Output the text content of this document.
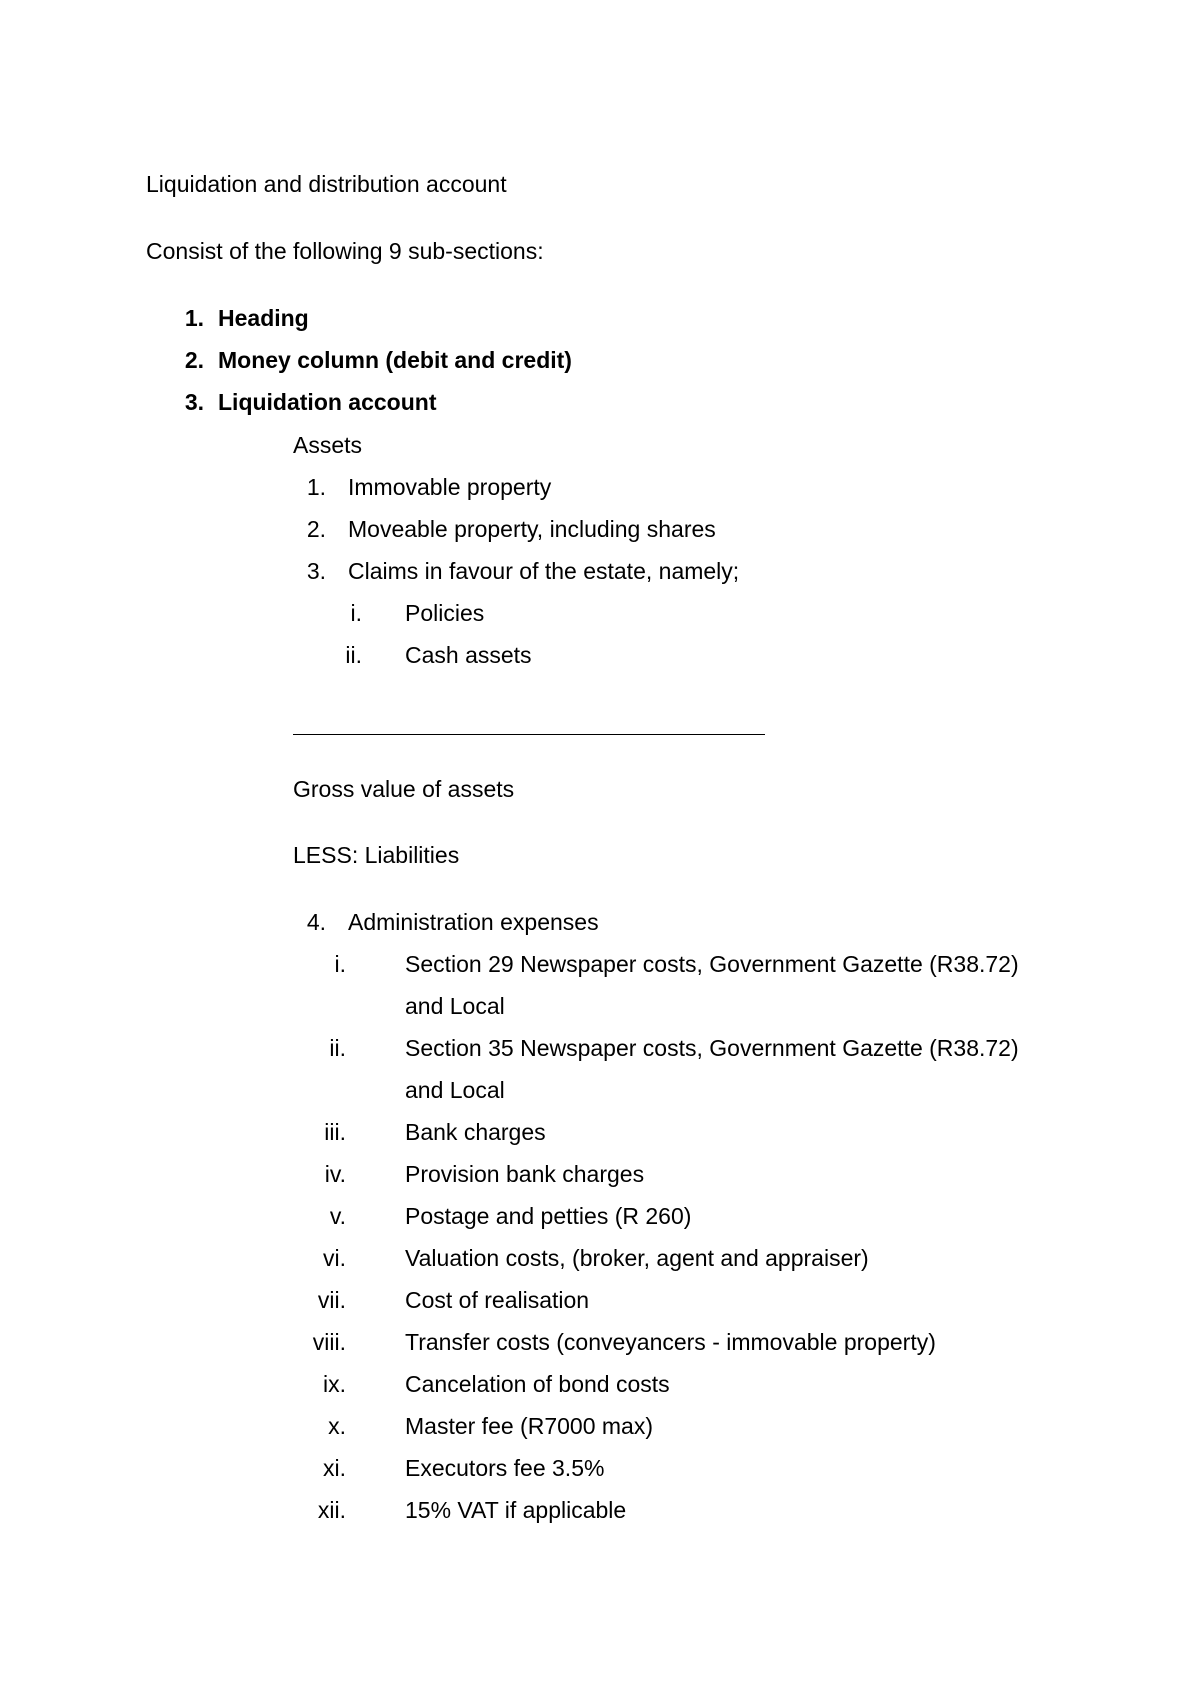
Liquidation and distribution account
Consist of the following 9 sub-sections:
1. Heading
2. Money column (debit and credit)
3. Liquidation account
Assets
1. Immovable property
2. Moveable property, including shares
3. Claims in favour of the estate, namely;
i. Policies
ii. Cash assets
Gross value of assets
LESS: Liabilities
4. Administration expenses
i.	Section 29 Newspaper costs, Government Gazette (R38.72)
and Local
ii.	Section 35 Newspaper costs, Government Gazette (R38.72)
and Local
iii.	Bank charges
iv.	Provision bank charges
v.	Postage and petties (R 260)
vi.	Valuation costs, (broker, agent and appraiser)
vii.	Cost of realisation
viii.	Transfer costs (conveyancers - immovable property)
ix.	Cancelation of bond costs
x.	Master fee (R7000 max)
xi.	Executors fee 3.5%
xii.	15% VAT if applicable
